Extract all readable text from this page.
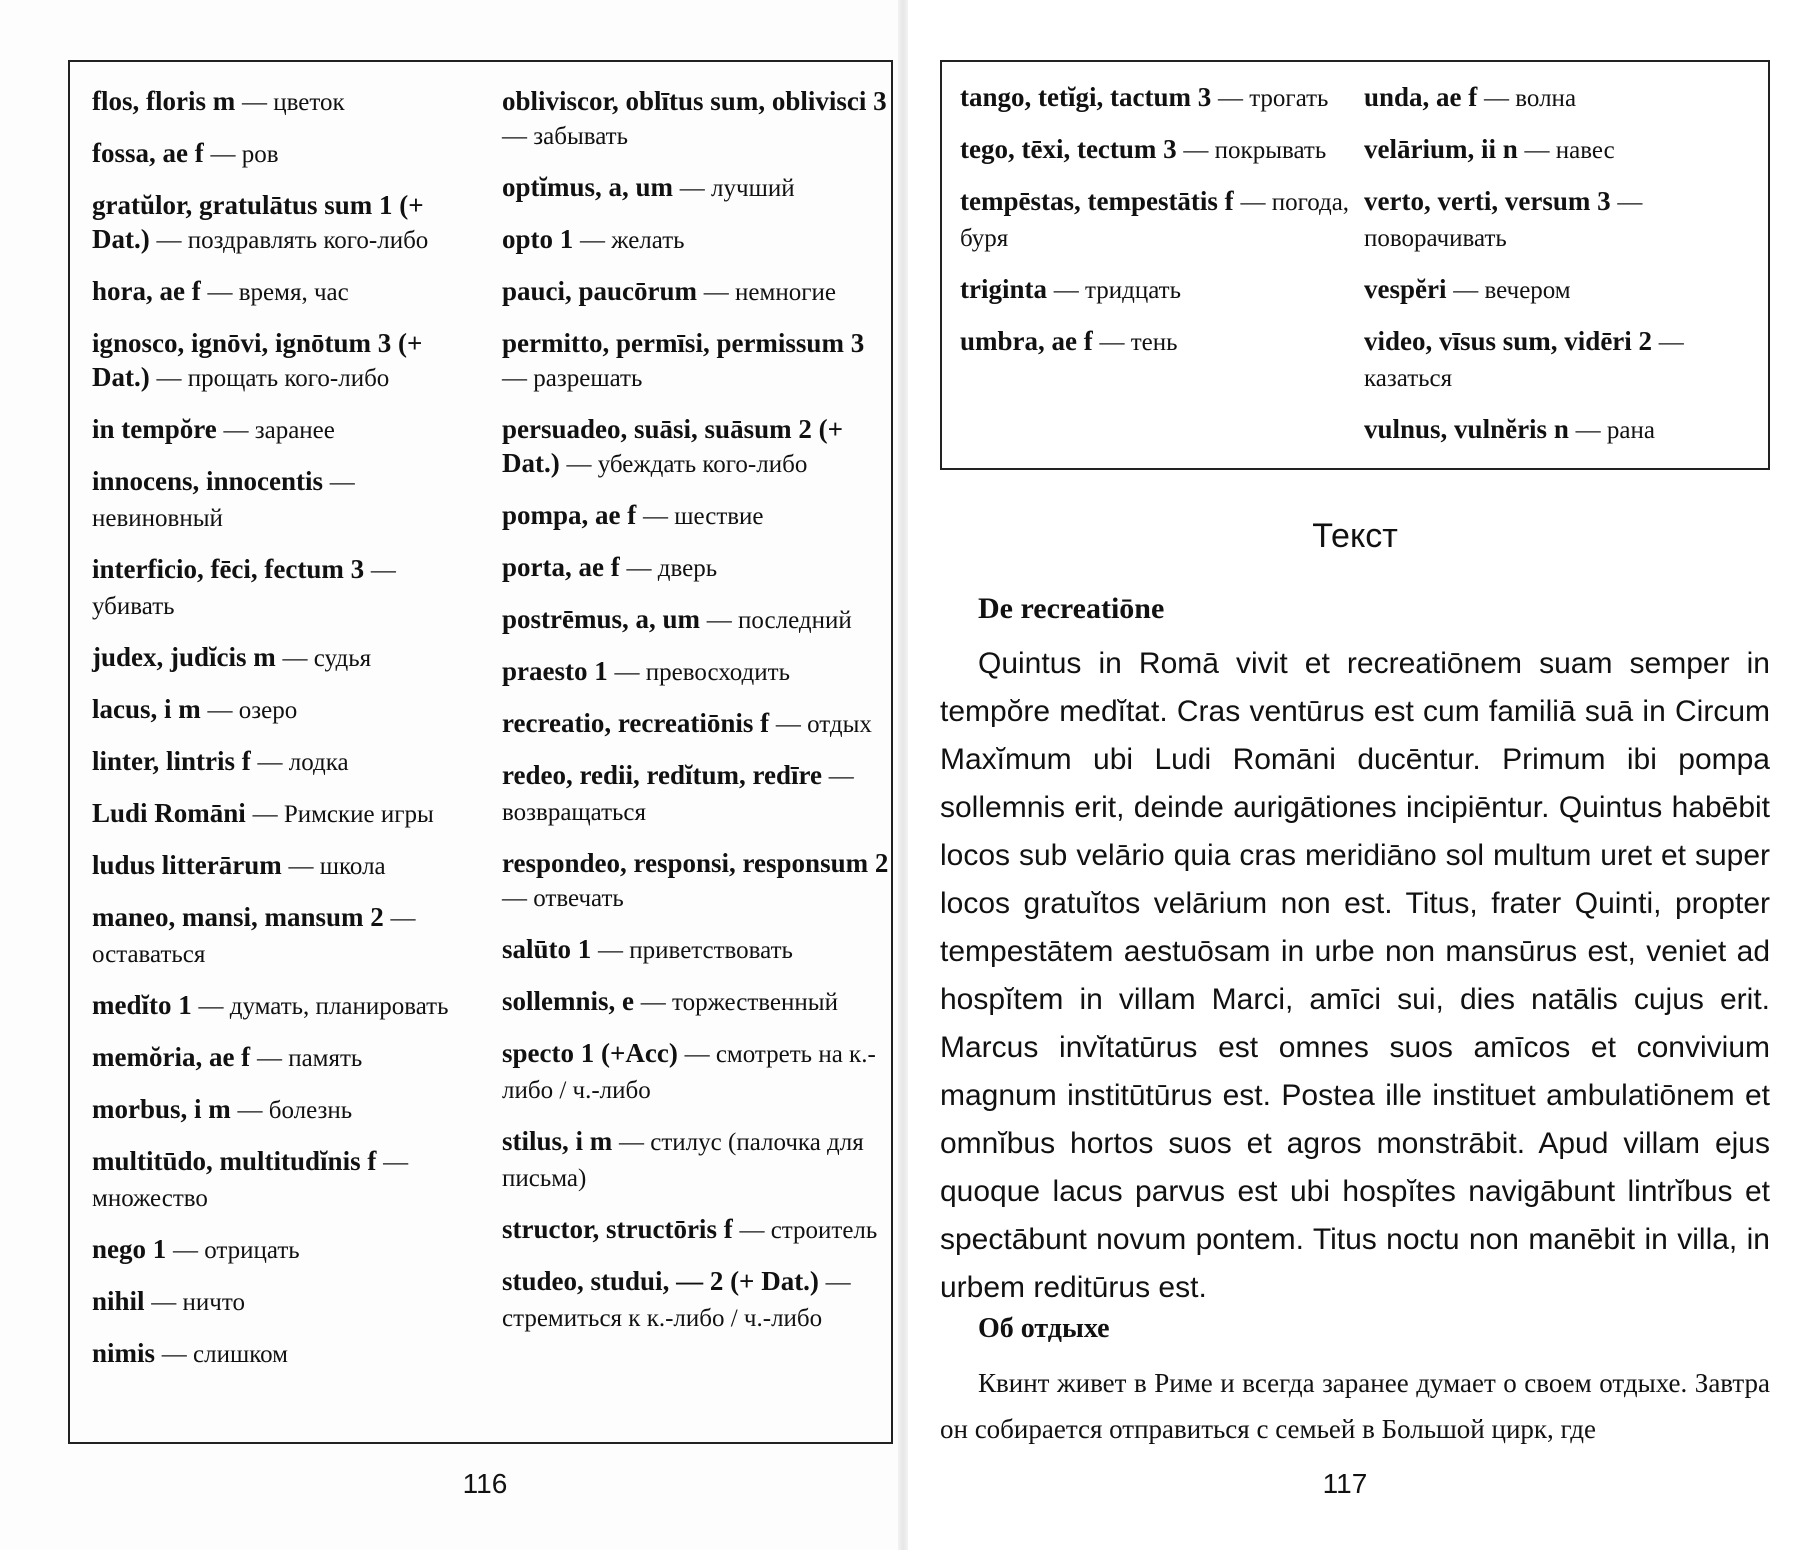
flos, floris m — цветок
fossa, ae f — ров
gratŭlor, gratulātus sum 1 (+ Dat.) — поздравлять кого-либо
hora, ae f — время, час
ignosco, ignōvi, ignōtum 3 (+ Dat.) — прощать кого-либо
in tempŏre — заранее
innocens, innocentis — невиновный
interficio, fēci, fectum 3 — убивать
judex, judĭcis m — судья
lacus, i m — озеро
linter, lintris f — лодка
Ludi Romāni — Римские игры
ludus litterārum — школа
maneo, mansi, mansum 2 — оставаться
medĭto 1 — думать, планировать
memŏria, ae f — память
morbus, i m — болезнь
multitūdo, multitudĭnis f — множество
nego 1 — отрицать
nihil — ничто
nimis — слишком
obliviscor, oblītus sum, oblivisci 3 — забывать
optĭmus, a, um — лучший
opto 1 — желать
pauci, paucōrum — немногие
permitto, permīsi, permissum 3 — разрешать
persuadeo, suāsi, suāsum 2 (+ Dat.) — убеждать кого-либо
pompa, ae f — шествие
porta, ae f — дверь
postrēmus, a, um — последний
praesto 1 — превосходить
recreatio, recreatiōnis f — отдых
redeo, redii, redĭtum, redīre — возвращаться
respondeo, responsi, responsum 2 — отвечать
salūto 1 — приветствовать
sollemnis, e — торжественный
specto 1 (+Acc) — смотреть на к.-либо / ч.-либо
stilus, i m — стилус (палочка для письма)
structor, structōris f — строитель
studeo, studui, — 2 (+ Dat.) — стремиться к к.-либо / ч.-либо
116
tango, tetĭgi, tactum 3 — трогать
tego, tēxi, tectum 3 — покрывать
tempēstas, tempestātis f — погода, буря
triginta — тридцать
umbra, ae f — тень
unda, ae f — волна
velārium, ii n — навес
verto, verti, versum 3 — поворачивать
vespĕri — вечером
video, vīsus sum, vidēri 2 — казаться
vulnus, vulnĕris n — рана
Текст
De recreatiōne

Quintus in Romā vivit et recreatiōnem suam semper in tempŏre medĭtat. Cras ventūrus est cum familiā suā in Circum Maxĭmum ubi Ludi Romāni ducēntur. Primum ibi pompa sollemnis erit, deinde aurigātiones incipiēntur. Quintus habēbit locos sub velārio quia cras meridiāno sol multum uret et super locos gratuĭtos velārium non est. Titus, frater Quinti, propter tempestātem aestuōsam in urbe non mansūrus est, veniet ad hospĭtem in villam Marci, amīci sui, dies natālis cujus erit. Marcus invĭtatūrus est omnes suos amīcos et convivium magnum institūtūrus est. Postea ille instituet ambulatiōnem et omnĭbus hortos suos et agros monstrābit. Apud villam ejus quoque lacus parvus est ubi hospĭtes navigābunt lintrĭbus et spectābunt novum pontem. Titus noctu non manēbit in villa, in urbem reditūrus est.

Об отдыхе

Квинт живет в Риме и всегда заранее думает о своем отдыхе. Завтра он собирается отправиться с семьей в Большой цирк, где

117
